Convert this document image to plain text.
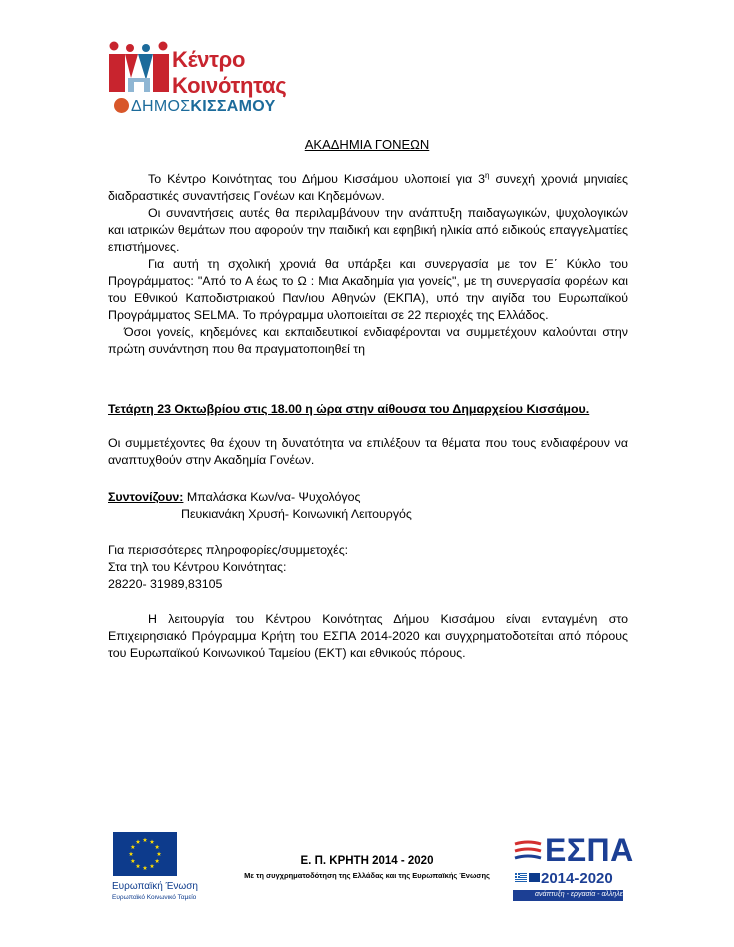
Κέντρο
Κοινότητας
ΔΗΜΟΣΚΙΣΣΑΜΟΥ
ΑΚΑΔΗΜΙΑ ΓΟΝΕΩΝ

Το Κέντρο Κοινότητας του Δήμου Κισσάμου υλοποιεί για $3^\eta$ συνεχή χρονιά μηνιαίες διαδραστικές συναντήσεις Γονέων και Κηδεμόνων.

Οι συναντήσεις αυτές θα περιλαμβάνουν την ανάπτυξη παιδαγωγικών, ψυχολογικών και ιατρικών θεμάτων που αφορούν την παιδική και εφηβική ηλικία από ειδικούς επαγγελματίες επιστήμονες.

Για αυτή τη σχολική χρονιά θα υπάρξει και συνεργασία με τον Ε΄ Κύκλο του Προγράμματος: "Από το Α έως το Ω : Μια Ακαδημία για γονείς", με τη συνεργασία φορέων και του Εθνικού Καποδιστριακού Παν/ιου Αθηνών (ΕΚΠΑ), υπό την αιγίδα του Ευρωπαϊκού Προγράμματος SELMA. Το πρόγραμμα υλοποιείται σε 22 περιοχές της Ελλάδος.

Όσοι γονείς, κηδεμόνες και εκπαιδευτικοί ενδιαφέρονται να συμμετέχουν καλούνται στην πρώτη συνάντηση που θα πραγματοποιηθεί τη

Τετάρτη 23 Οκτωβρίου στις 18.00 η ώρα στην αίθουσα του Δημαρχείου Κισσάμου.

Οι συμμετέχοντες θα έχουν τη δυνατότητα να επιλέξουν τα θέματα που τους ενδιαφέρουν να αναπτυχθούν στην Ακαδημία Γονέων.

Συντονίζουν: Μπαλάσκα Κων/να- Ψυχολόγος
Πευκιανάκη Χρυσή- Κοινωνική Λειτουργός
Για περισσότερες πληροφορίες/συμμετοχές:
Στα τηλ του Κέντρου Κοινότητας:
28220- 31989,83105

Η λειτουργία του Κέντρου Κοινότητας Δήμου Κισσάμου είναι ενταγμένη στο Επιχειρησιακό Πρόγραμμα Κρήτη του ΕΣΠΑ 2014-2020 και συγχρηματοδοτείται από πόρους του Ευρωπαϊκού Κοινωνικού Ταμείου (ΕΚΤ) και εθνικούς πόρους.

Ευρωπαϊκή Ένωση
Ευρωπαϊκό Κοινωνικό Ταμείο
Ε. Π. ΚΡΗΤΗ 2014 - 2020
Με τη συγχρηματοδότηση της Ελλάδας και της Ευρωπαϊκής Ένωσης
ΕΣΠΑ
2014-2020
ανάπτυξη - εργασία - αλληλεγγύη
